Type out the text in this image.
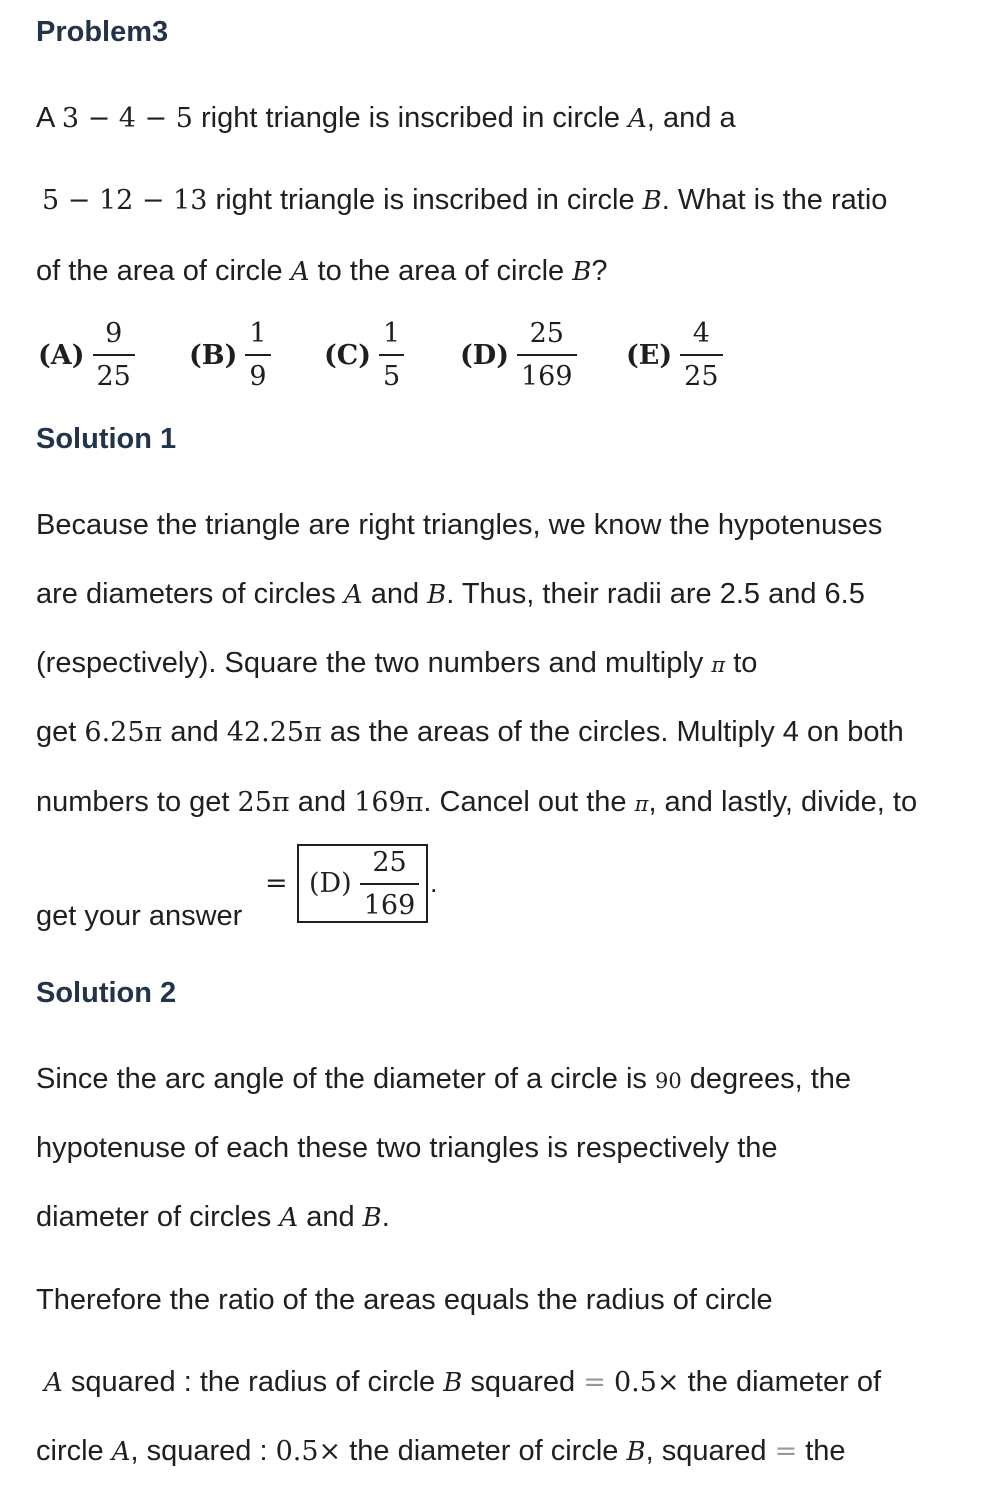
Problem3
A 3 − 4 − 5 right triangle is inscribed in circle A, and a
5 − 12 − 13 right triangle is inscribed in circle B. What is the ratio
of the area of circle A to the area of circle B?
$(A) \frac{9}{25} (B) \frac{1}{9} (C) \frac{1}{5} (D) \frac{25}{169} (E) \frac{4}{25}$
Solution 1
Because the triangle are right triangles, we know the hypotenuses
are diameters of circles A and B. Thus, their radii are 2.5 and 6.5
(respectively). Square the two numbers and multiply π to
get 6.25π and 42.25π as the areas of the circles. Multiply 4 on both
numbers to get 25π and 169π. Cancel out the π, and lastly, divide, to
get your answer
= $(D) \frac{25}{169}$ .
Solution 2
Since the arc angle of the diameter of a circle is 90 degrees, the
hypotenuse of each these two triangles is respectively the
diameter of circles A and B.
Therefore the ratio of the areas equals the radius of circle
A squared : the radius of circle B squared = 0.5× the diameter of
circle A, squared : 0.5× the diameter of circle B, squared = the
